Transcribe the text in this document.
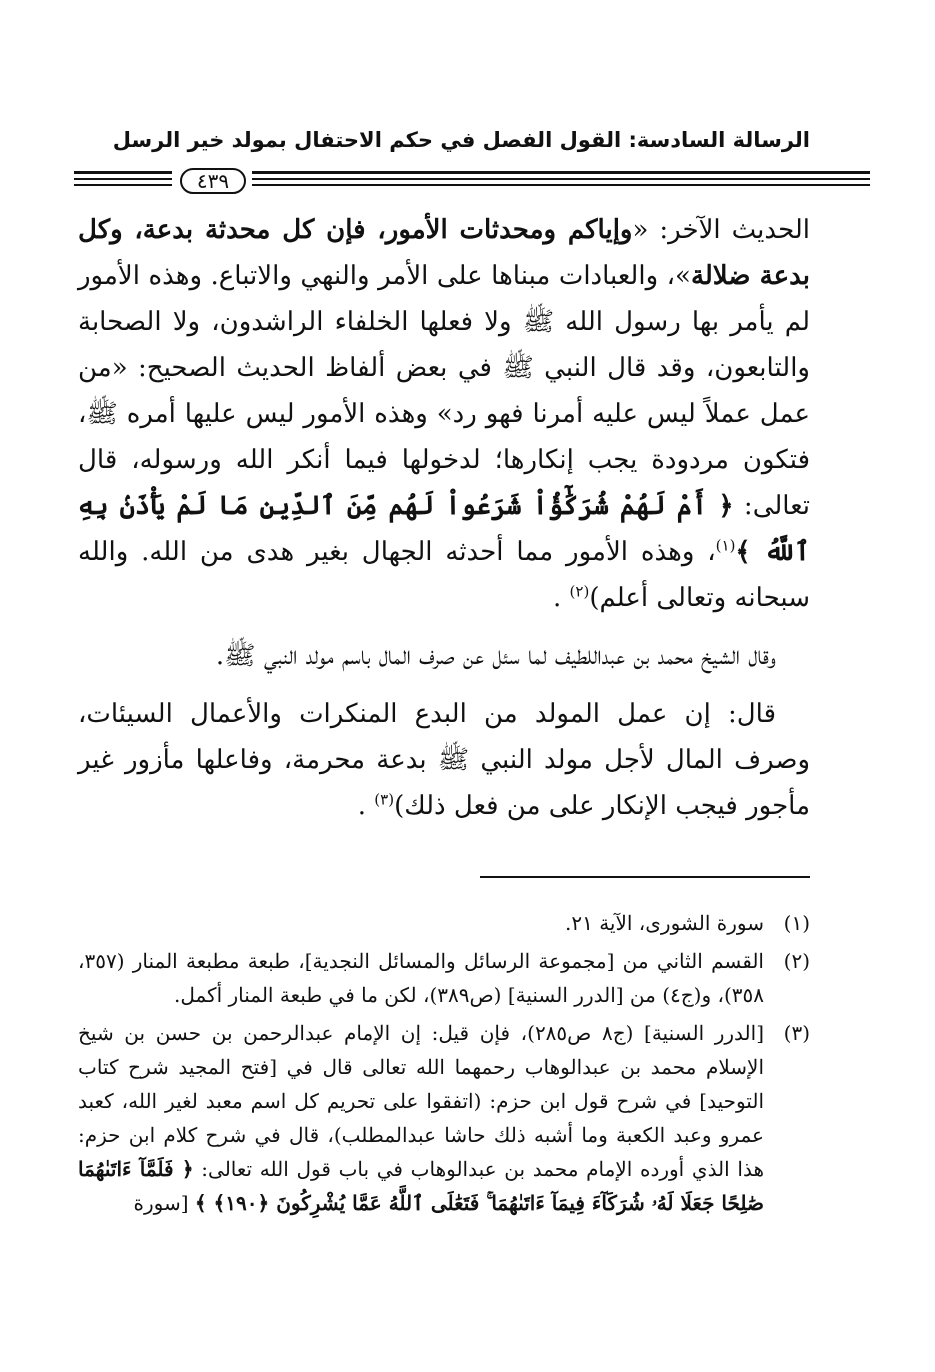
الرسالة السادسة: القول الفصل في حكم الاحتفال بمولد خير الرسل
٤٣٩

الحديث الآخر: «وإياكم ومحدثات الأمور، فإن كل محدثة بدعة، وكل بدعة ضلالة»، والعبادات مبناها على الأمر والنهي والاتباع. وهذه الأمور لم يأمر بها رسول الله ﷺ ولا فعلها الخلفاء الراشدون، ولا الصحابة والتابعون، وقد قال النبي ﷺ في بعض ألفاظ الحديث الصحيح: «من عمل عملاً ليس عليه أمرنا فهو رد» وهذه الأمور ليس عليها أمره ﷺ، فتكون مردودة يجب إنكارها؛ لدخولها فيما أنكر الله ورسوله، قال تعالى: ﴿ أَمْ لَهُمْ شُرَكَٰٓؤُاْ شَرَعُواْ لَهُم مِّنَ ٱلدِّينِ مَا لَمْ يَأْذَنۢ بِهِ ٱللَّهُ ﴾$^{(١)}$، وهذه الأمور مما أحدثه الجهال بغير هدى من الله. والله سبحانه وتعالى أعلم)$^{(٢)}$ .

وقال الشيخ محمد بن عبداللطيف لما سئل عن صرف المال باسم مولد النبي ﷺ.

قال: إن عمل المولد من البدع المنكرات والأعمال السيئات، وصرف المال لأجل مولد النبي ﷺ بدعة محرمة، وفاعلها مأزور غير مأجور فيجب الإنكار على من فعل ذلك)$^{(٣)}$ .

(١)
سورة الشورى، الآية ٢١.
(٢)
القسم الثاني من [مجموعة الرسائل والمسائل النجدية]، طبعة مطبعة المنار (٣٥٧، ٣٥٨)، و(ج٤) من [الدرر السنية] (ص٣٨٩)، لكن ما في طبعة المنار أكمل.
(٣)
[الدرر السنية] (ج٨ ص٢٨٥)، فإن قيل: إن الإمام عبدالرحمن بن حسن بن شيخ الإسلام محمد بن عبدالوهاب رحمهما الله تعالى قال في [فتح المجيد شرح كتاب التوحيد] في شرح قول ابن حزم: (اتفقوا على تحريم كل اسم معبد لغير الله، كعبد عمرو وعبد الكعبة وما أشبه ذلك حاشا عبدالمطلب)، قال في شرح كلام ابن حزم: هذا الذي أورده الإمام محمد بن عبدالوهاب في باب قول الله تعالى: ﴿ فَلَمَّآ ءَاتَىٰهُمَا صَٰلِحًا جَعَلَا لَهُۥ شُرَكَآءَ فِيمَآ ءَاتَىٰهُمَا ۚ فَتَعَٰلَى ٱللَّهُ عَمَّا يُشْرِكُونَ ﴿١٩٠﴾ ﴾ [سورة
